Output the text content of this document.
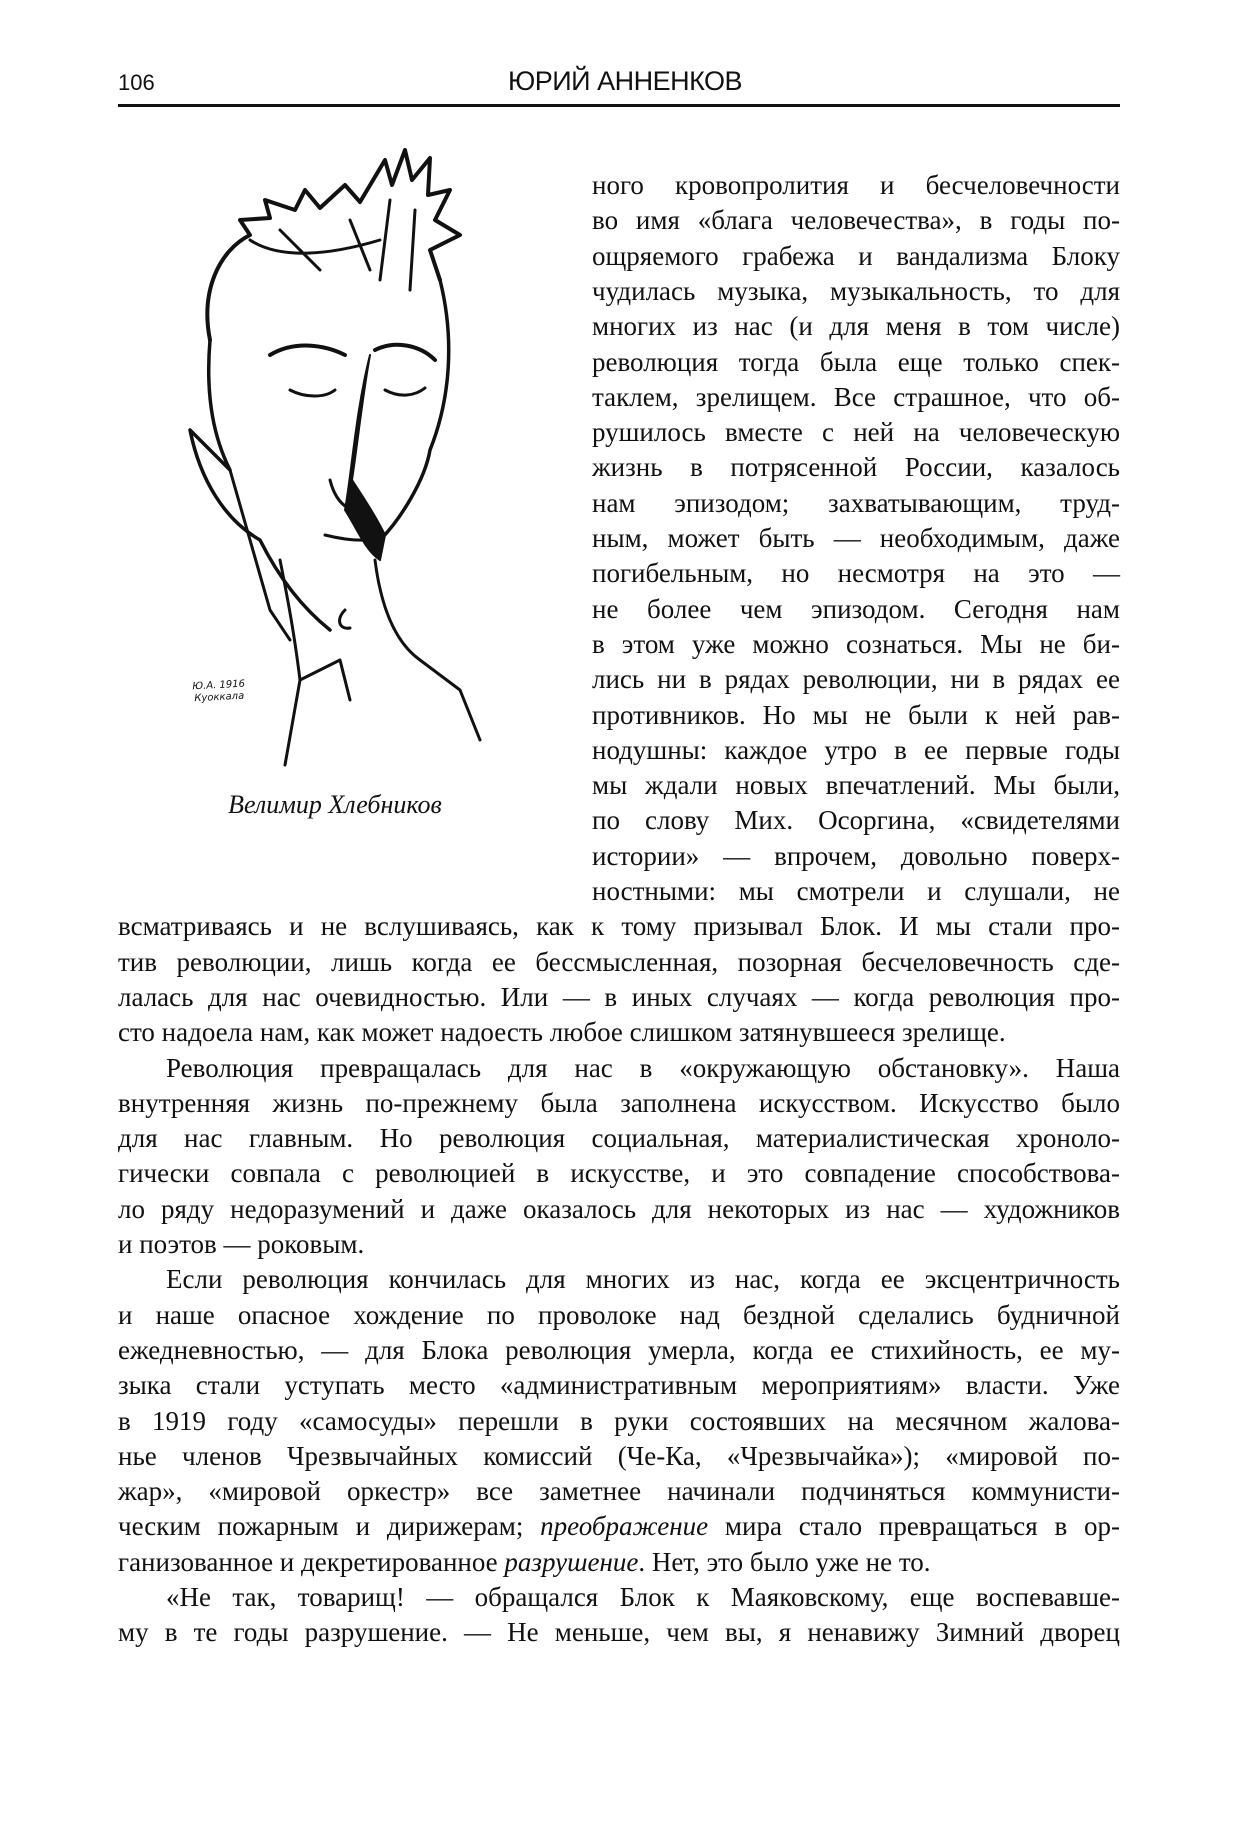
106	ЮРИЙ АННЕНКОВ
Ю.А. 1916 Куоккала
Велимир Хлебников
ного кровопролития и бесчеловечности
во имя «блага человечества», в годы по-
ощряемого грабежа и вандализма Блоку
чудилась музыка, музыкальность, то для
многих из нас (и для меня в том числе)
революция тогда была еще только спек-
таклем, зрелищем. Все страшное, что об-
рушилось вместе с ней на человеческую
жизнь в потрясенной России, казалось
нам эпизодом; захватывающим, труд-
ным, может быть — необходимым, даже
погибельным, но несмотря на это —
не более чем эпизодом. Сегодня нам
в этом уже можно сознаться. Мы не би-
лись ни в рядах революции, ни в рядах ее
противников. Но мы не были к ней рав-
нодушны: каждое утро в ее первые годы
мы ждали новых впечатлений. Мы были,
по слову Мих. Осоргина, «свидетелями
истории» — впрочем, довольно поверх-
ностными: мы смотрели и слушали, не
всматриваясь и не вслушиваясь, как к тому призывал Блок. И мы стали про-
тив революции, лишь когда ее бессмысленная, позорная бесчеловечность сде-
лалась для нас очевидностью. Или — в иных случаях — когда революция про-
сто надоела нам, как может надоесть любое слишком затянувшееся зрелище.
Революция превращалась для нас в «окружающую обстановку». Наша
внутренняя жизнь по-прежнему была заполнена искусством. Искусство было
для нас главным. Но революция социальная, материалистическая хроноло-
гически совпала с революцией в искусстве, и это совпадение способствова-
ло ряду недоразумений и даже оказалось для некоторых из нас — художников
и поэтов — роковым.
Если революция кончилась для многих из нас, когда ее эксцентричность
и наше опасное хождение по проволоке над бездной сделались будничной
ежедневностью, — для Блока революция умерла, когда ее стихийность, ее му-
зыка стали уступать место «административным мероприятиям» власти. Уже
в 1919 году «самосуды» перешли в руки состоявших на месячном жалова-
нье членов Чрезвычайных комиссий (Че-Ка, «Чрезвычайка»); «мировой по-
жар», «мировой оркестр» все заметнее начинали подчиняться коммунисти-
ческим пожарным и дирижерам; преображение мира стало превращаться в ор-
ганизованное и декретированное разрушение. Нет, это было уже не то.
«Не так, товарищ! — обращался Блок к Маяковскому, еще воспевавше-
му в те годы разрушение. — Не меньше, чем вы, я ненавижу Зимний дворец
